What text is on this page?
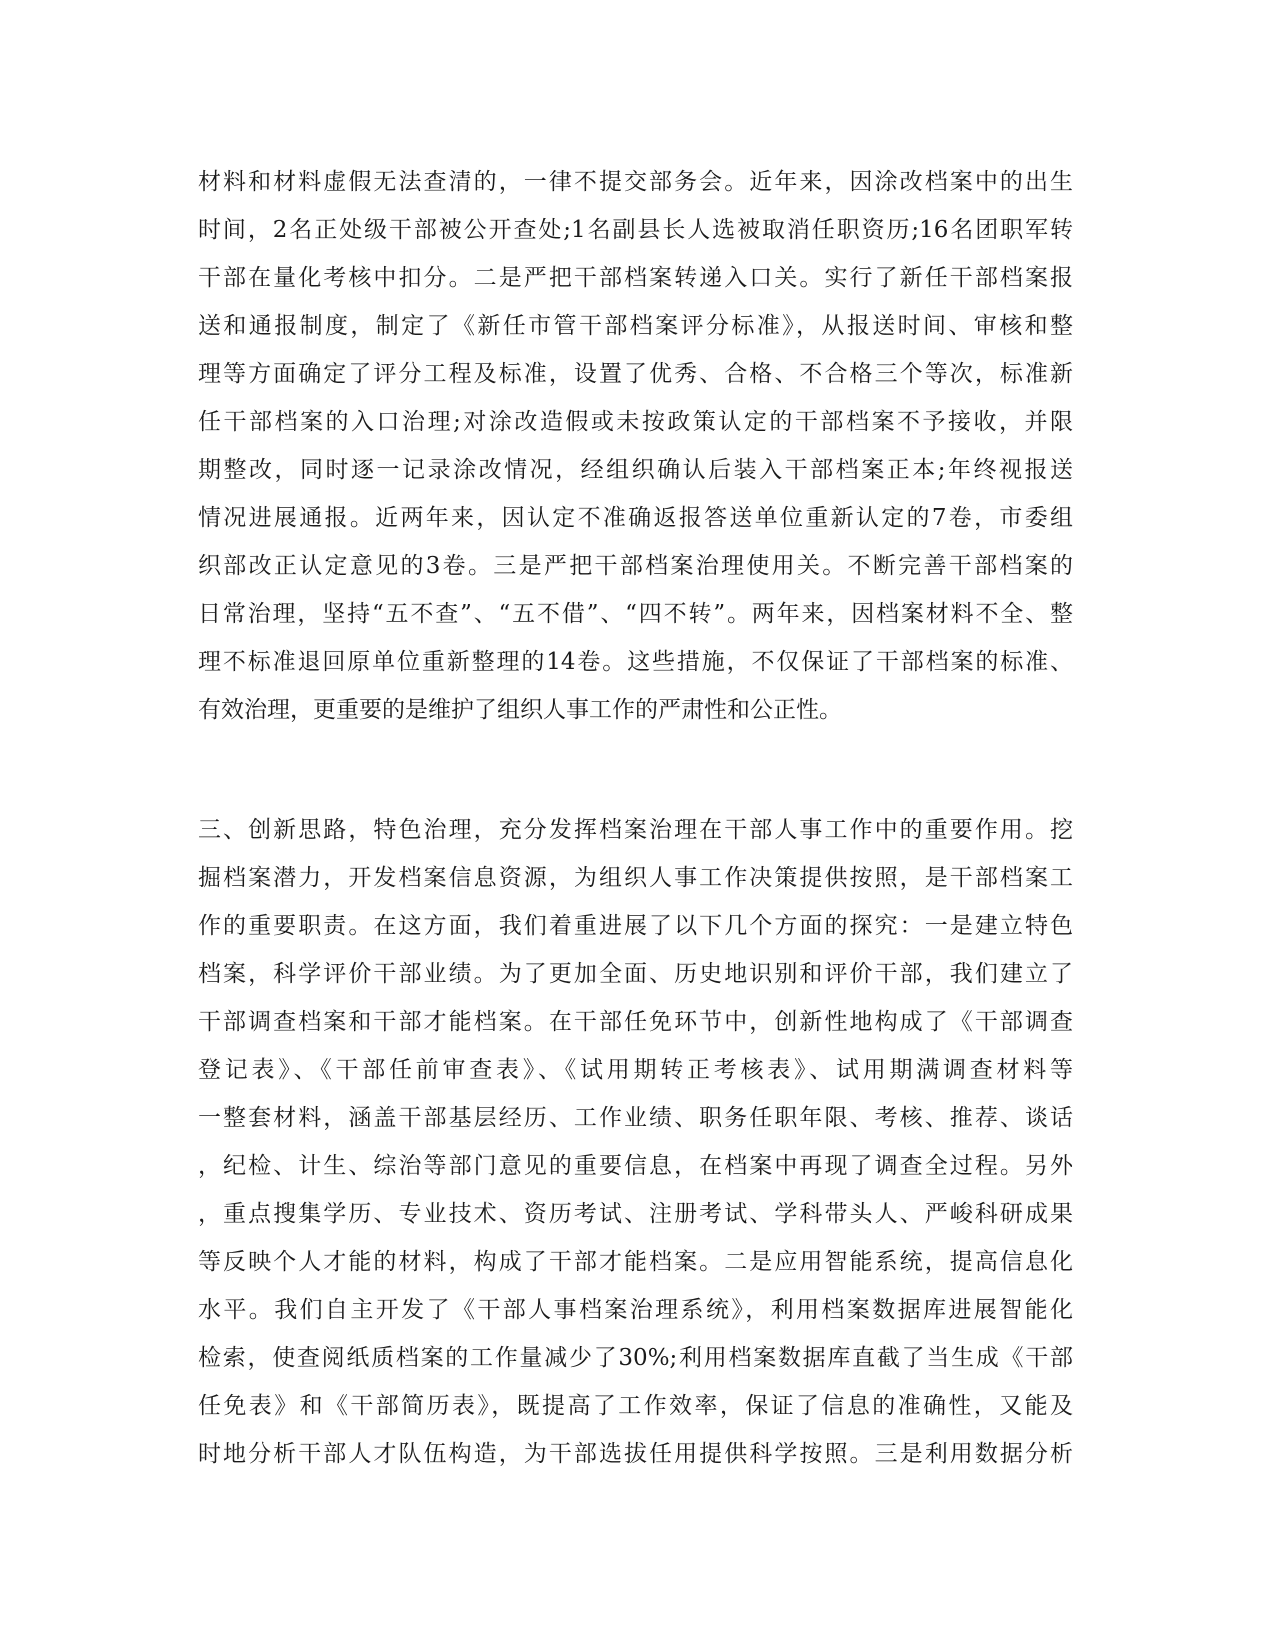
材料和材料虚假无法查清的，一律不提交部务会。近年来，因涂改档案中的出生
时间，2名正处级干部被公开查处;1名副县长人选被取消任职资历;16名团职军转
干部在量化考核中扣分。二是严把干部档案转递入口关。实行了新任干部档案报
送和通报制度，制定了《新任市管干部档案评分标准》，从报送时间、审核和整
理等方面确定了评分工程及标准，设置了优秀、合格、不合格三个等次，标准新
任干部档案的入口治理;对涂改造假或未按政策认定的干部档案不予接收，并限
期整改，同时逐一记录涂改情况，经组织确认后装入干部档案正本;年终视报送
情况进展通报。近两年来，因认定不准确返报答送单位重新认定的7卷，市委组
织部改正认定意见的3卷。三是严把干部档案治理使用关。不断完善干部档案的
日常治理，坚持“五不查”、“五不借”、“四不转”。两年来，因档案材料不全、整
理不标准退回原单位重新整理的14卷。这些措施，不仅保证了干部档案的标准、
有效治理，更重要的是维护了组织人事工作的严肃性和公正性。
三、创新思路，特色治理，充分发挥档案治理在干部人事工作中的重要作用。挖
掘档案潜力，开发档案信息资源，为组织人事工作决策提供按照，是干部档案工
作的重要职责。在这方面，我们着重进展了以下几个方面的探究：一是建立特色
档案，科学评价干部业绩。为了更加全面、历史地识别和评价干部，我们建立了
干部调查档案和干部才能档案。在干部任免环节中，创新性地构成了《干部调查
登记表》、《干部任前审查表》、《试用期转正考核表》、试用期满调查材料等
一整套材料，涵盖干部基层经历、工作业绩、职务任职年限、考核、推荐、谈话
，纪检、计生、综治等部门意见的重要信息，在档案中再现了调查全过程。另外
，重点搜集学历、专业技术、资历考试、注册考试、学科带头人、严峻科研成果
等反映个人才能的材料，构成了干部才能档案。二是应用智能系统，提高信息化
水平。我们自主开发了《干部人事档案治理系统》，利用档案数据库进展智能化
检索，使查阅纸质档案的工作量减少了30%;利用档案数据库直截了当生成《干部
任免表》和《干部简历表》，既提高了工作效率，保证了信息的准确性，又能及
时地分析干部人才队伍构造，为干部选拔任用提供科学按照。三是利用数据分析
